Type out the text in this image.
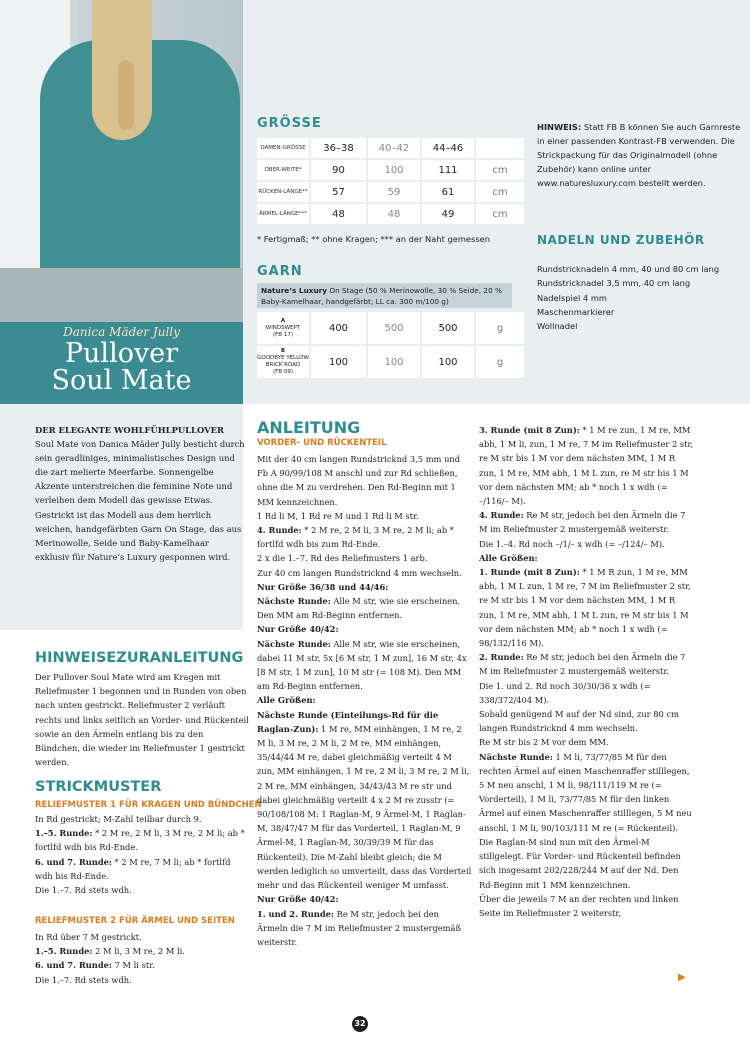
Danica Mäder Jully
Pullover
Soul Mate
GRÖSSE
DAMEN-GRÖSSE	36–38	40–42	44–46	
OBER-WEITE*	90	100	111	cm
RÜCKEN-LÄNGE**	57	59	61	cm
ÄRMEL-LÄNGE***	48	48	49	cm
* Fertigmaß; ** ohne Kragen; *** an der Naht gemessen
GARN
Nature’s Luxury On Stage (50 % Merinowolle, 30 % Seide, 20 % Baby-Kamelhaar, handgefärbt; LL ca. 300 m/100 g)
A
WINDSWEPT
(FB 17)	400	500	500	g

B
GOODBYE YELLOW BRICK ROAD
(FB 09)	100	100	100	g
HINWEIS: Statt FB B können Sie auch Garnreste in einer passenden Kontrast-FB verwenden. Die Strickpackung für das Originalmodell (ohne Zubehör) kann online unter www.naturesluxury.com bestellt werden.
NADELN UND ZUBEHÖR
Rundstricknadeln 4 mm, 40 und 80 cm lang
Rundstricknadel 3,5 mm, 40 cm lang
Nadelspiel 4 mm
Maschenmarkierer
Wollnadel
DER ELEGANTE WOHLFÜHLPULLOVER Soul Mate von Danica Mäder Jully besticht durch sein geradliniges, minimalistisches Design und die zart melierte Meerfarbe. Sonnengelbe Akzente unterstreichen die feminine Note und verleihen dem Modell das gewisse Etwas. Gestrickt ist das Modell aus dem herrlich weichen, handgefärbten Garn On Stage, das aus Merinowolle, Seide und Baby-Kamelhaar exklusiv für Nature’s Luxury gesponnen wird.
HINWEISEZURANLEITUNG
Der Pullover Soul Mate wird am Kragen mit Reliefmuster 1 begonnen und in Runden von oben nach unten gestrickt. Reliefmuster 2 verläuft rechts und links seitlich an Vorder- und Rückenteil sowie an den Ärmeln entlang bis zu den Bündchen, die wieder im Reliefmuster 1 gestrickt werden.
STRICKMUSTER
RELIEFMUSTER 1 FÜR KRAGEN UND BÜNDCHEN
In Rd gestrickt; M-Zahl teilbar durch 9.
1.–5. Runde: * 2 M re, 2 M li, 3 M re, 2 M li; ab * fortlfd wdh bis Rd-Ende.
6. und 7. Runde: * 2 M re, 7 M li; ab * fortlfd wdh bis Rd-Ende.
Die 1.–7. Rd stets wdh.
RELIEFMUSTER 2 FÜR ÄRMEL UND SEITEN
In Rd über 7 M gestrickt.
1.–5. Runde: 2 M li, 3 M re, 2 M li.
6. und 7. Runde: 7 M li str.
Die 1.–7. Rd stets wdh.
ANLEITUNG
VORDER- UND RÜCKENTEIL
Mit der 40 cm langen Rundstricknd 3,5 mm und Fb A 90/99/108 M anschl und zur Rd schließen, ohne die M zu verdrehen. Den Rd-Beginn mit 1 MM kennzeichnen.
1 Rd li M, 1 Rd re M und 1 Rd li M str.
4. Runde: * 2 M re, 2 M li, 3 M re, 2 M li; ab * fortlfd wdh bis zum Rd-Ende.
2 x die 1.–7. Rd des Reliefmusters 1 arb.
Zur 40 cm langen Rundstricknd 4 mm wechseln.
Nur Größe 36/38 und 44/46:
Nächste Runde: Alle M str, wie sie erscheinen. Den MM am Rd-Beginn entfernen.
Nur Größe 40/42:
Nächste Runde: Alle M str, wie sie erscheinen, dabei 11 M str, 5x [6 M str, 1 M zun], 16 M str, 4x [8 M str, 1 M zun], 10 M str (= 108 M). Den MM am Rd-Beginn entfernen.
Alle Größen:
Nächste Runde (Einteilungs-Rd für die Raglan-Zun): 1 M re, MM einhängen, 1 M re, 2 M li, 3 M re, 2 M li, 2 M re, MM einhängen, 35/44/44 M re, dabei gleichmäßig verteilt 4 M zun, MM einhängen, 1 M re, 2 M li, 3 M re, 2 M li, 2 M re, MM einhängen, 34/43/43 M re str und dabei gleichmäßig verteilt 4 x 2 M re zusstr (= 90/108/108 M: 1 Raglan-M, 9 Ärmel-M, 1 Raglan-M, 38/47/47 M für das Vorderteil, 1 Raglan-M, 9 Ärmel-M, 1 Raglan-M, 30/39/39 M für das Rückenteil). Die M-Zahl bleibt gleich; die M werden lediglich so umverteilt, dass das Vorderteil mehr und das Rückenteil weniger M umfasst.
Nur Größe 40/42:
1. und 2. Runde: Re M str, jedoch bei den Ärmeln die 7 M im Reliefmuster 2 mustergemäß weiterstr.
3. Runde (mit 8 Zun): * 1 M re zun, 1 M re, MM abh, 1 M li, zun, 1 M re, 7 M im Reliefmuster 2 str, re M str bis 1 M vor dem nächsten MM, 1 M R zun, 1 M re, MM abh, 1 M L zun, re M str bis 1 M vor dem nächsten MM; ab * noch 1 x wdh (= –/116/– M).
4. Runde: Re M str, jedoch bei den Ärmeln die 7 M im Reliefmuster 2 mustergemäß weiterstr.
Die 1.–4. Rd noch –/1/– x wdh (= –/124/– M).
Alle Größen:
1. Runde (mit 8 Zun): * 1 M R zun, 1 M re, MM abh, 1 M L zun, 1 M re, 7 M im Reliefmuster 2 str, re M str bis 1 M vor dem nächsten MM, 1 M R zun, 1 M re, MM abh, 1 M L zun, re M str bis 1 M vor dem nächsten MM; ab * noch 1 x wdh (= 98/132/116 M).
2. Runde: Re M str, jedoch bei den Ärmeln die 7 M im Reliefmuster 2 mustergemäß weiterstr.
Die 1. und 2. Rd noch 30/30/36 x wdh (= 338/372/404 M).
Sobald genügend M auf der Nd sind, zur 80 cm langen Rundstricknd 4 mm wechseln.
Re M str bis 2 M vor dem MM.
Nächste Runde: 1 M li, 73/77/85 M für den rechten Ärmel auf einen Maschenraffer stilllegen, 5 M neu anschl, 1 M li, 98/111/119 M re (= Vorderteil), 1 M li, 73/77/85 M für den linken Ärmel auf einen Maschenraffer stilllegen, 5 M neu anschl, 1 M li, 90/103/111 M re (= Rückenteil).
Die Raglan-M sind nun mit den Ärmel-M stillgelegt. Für Vorder- und Rückenteil befinden sich insgesamt 202/228/244 M auf der Nd. Den Rd-Beginn mit 1 MM kennzeichnen.
Über die jeweils 7 M an der rechten und linken Seite im Reliefmuster 2 weiterstr,
▶
32
